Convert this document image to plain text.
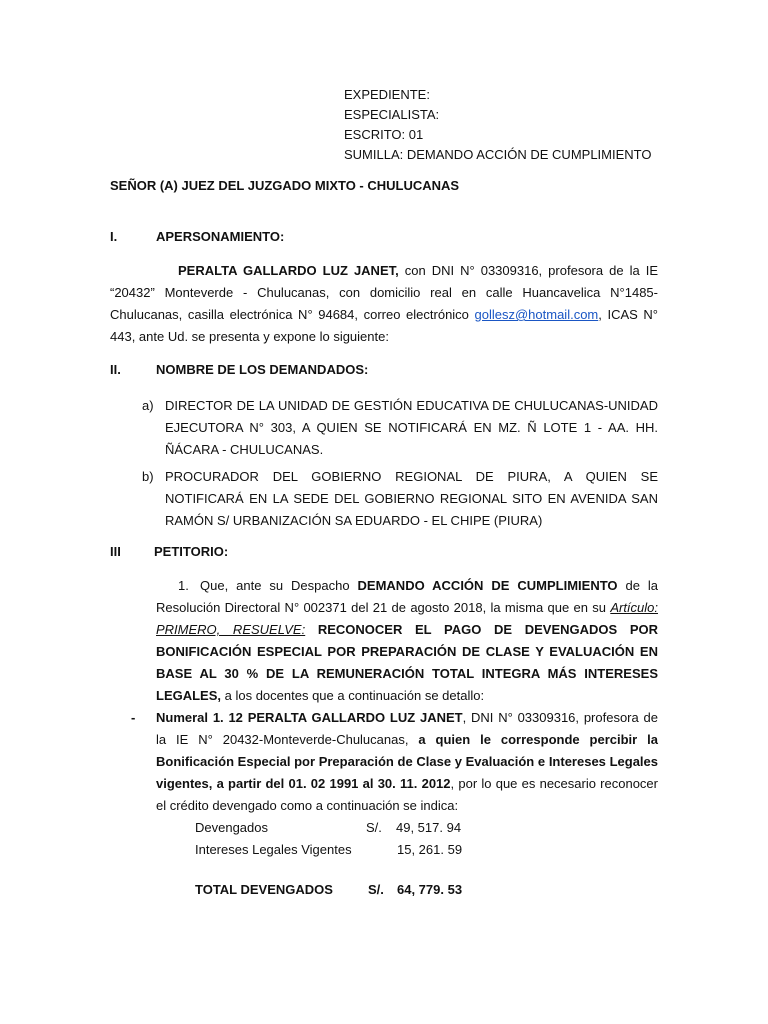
EXPEDIENTE:
ESPECIALISTA:
ESCRITO: 01
SUMILLA: DEMANDO ACCIÓN DE CUMPLIMIENTO
SEÑOR (A) JUEZ DEL JUZGADO MIXTO - CHULUCANAS
I.	APERSONAMIENTO:
PERALTA GALLARDO LUZ JANET, con DNI N° 03309316, profesora de la IE “20432” Monteverde - Chulucanas, con domicilio real en calle Huancavelica N°1485-Chulucanas, casilla electrónica N° 94684, correo electrónico gollesz@hotmail.com, ICAS N° 443, ante Ud. se presenta y expone lo siguiente:
II.	NOMBRE DE LOS DEMANDADOS:
a) DIRECTOR DE LA UNIDAD DE GESTIÓN EDUCATIVA DE CHULUCANAS-UNIDAD EJECUTORA N° 303, A QUIEN SE NOTIFICARÁ EN MZ. Ñ LOTE 1 - AA. HH. ÑÁCARA - CHULUCANAS.
b) PROCURADOR DEL GOBIERNO REGIONAL DE PIURA, A QUIEN SE NOTIFICARÁ EN LA SEDE DEL GOBIERNO REGIONAL SITO EN AVENIDA SAN RAMÓN S/ URBANIZACIÓN SA EDUARDO - EL CHIPE (PIURA)
III	PETITORIO:
1. Que, ante su Despacho DEMANDO ACCIÓN DE CUMPLIMIENTO de la Resolución Directoral N° 002371 del 21 de agosto 2018, la misma que en su Artículo: PRIMERO, RESUELVE: RECONOCER EL PAGO DE DEVENGADOS POR BONIFICACIÓN ESPECIAL POR PREPARACIÓN DE CLASE Y EVALUACIÓN EN BASE AL 30 % DE LA REMUNERACIÓN TOTAL INTEGRA MÁS INTERESES LEGALES, a los docentes que a continuación se detallo:
- Numeral 1. 12 PERALTA GALLARDO LUZ JANET, DNI N° 03309316, profesora de la IE N° 20432-Monteverde-Chulucanas, a quien le corresponde percibir la Bonificación Especial por Preparación de Clase y Evaluación e Intereses Legales vigentes, a partir del 01. 02 1991 al 30. 11. 2012, por lo que es necesario reconocer el crédito devengado como a continuación se indica:
Devengados	S/. 49, 517. 94
Intereses Legales Vigentes	15, 261. 59
TOTAL DEVENGADOS	S/. 64, 779. 53
